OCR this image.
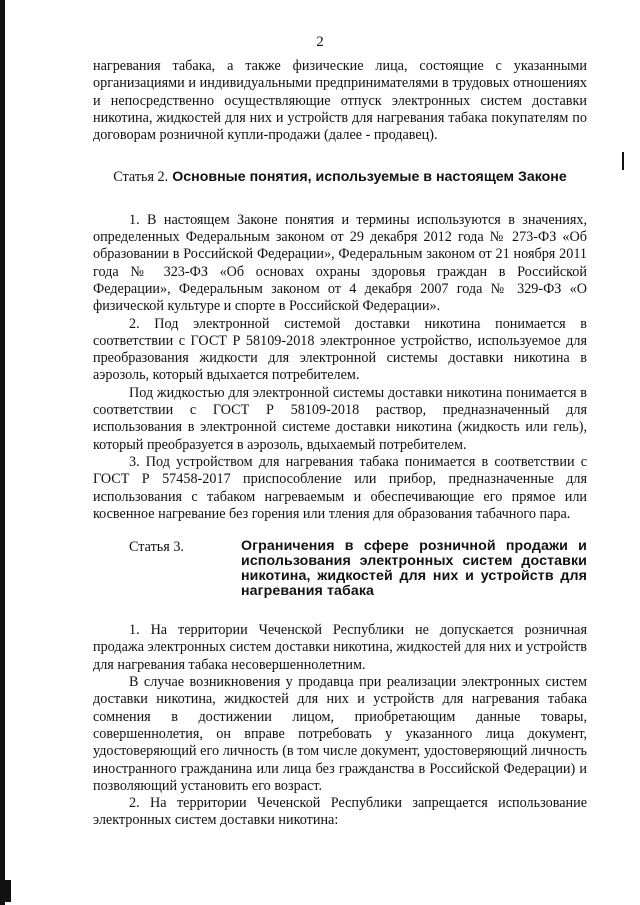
2

нагревания табака, а также физические лица, состоящие с указанными организациями и индивидуальными предпринимателями в трудовых отношениях и непосредственно осуществляющие отпуск электронных систем доставки никотина, жидкостей для них и устройств для нагревания табака покупателям по договорам розничной купли-продажи (далее - продавец).

Статья 2. Основные понятия, используемые в настоящем Законе

1. В настоящем Законе понятия и термины используются в значениях, определенных Федеральным законом от 29 декабря 2012 года № 273-ФЗ «Об образовании в Российской Федерации», Федеральным законом от 21 ноября 2011 года № 323-ФЗ «Об основах охраны здоровья граждан в Российской Федерации», Федеральным законом от 4 декабря 2007 года № 329-ФЗ «О физической культуре и спорте в Российской Федерации».

2. Под электронной системой доставки никотина понимается в соответствии с ГОСТ Р 58109-2018 электронное устройство, используемое для преобразования жидкости для электронной системы доставки никотина в аэрозоль, который вдыхается потребителем.

Под жидкостью для электронной системы доставки никотина понимается в соответствии с ГОСТ Р 58109-2018 раствор, предназначенный для использования в электронной системе доставки никотина (жидкость или гель), который преобразуется в аэрозоль, вдыхаемый потребителем.

3. Под устройством для нагревания табака понимается в соответствии с ГОСТ Р 57458-2017 приспособление или прибор, предназначенные для использования с табаком нагреваемым и обеспечивающие его прямое или косвенное нагревание без горения или тления для образования табачного пара.

Статья 3.	Ограничения в сфере розничной продажи и использования электронных систем доставки никотина, жидкостей для них и устройств для нагревания табака

1. На территории Чеченской Республики не допускается розничная продажа электронных систем доставки никотина, жидкостей для них и устройств для нагревания табака несовершеннолетним.

В случае возникновения у продавца при реализации электронных систем доставки никотина, жидкостей для них и устройств для нагревания табака сомнения в достижении лицом, приобретающим данные товары, совершеннолетия, он вправе потребовать у указанного лица документ, удостоверяющий его личность (в том числе документ, удостоверяющий личность иностранного гражданина или лица без гражданства в Российской Федерации) и позволяющий установить его возраст.

2. На территории Чеченской Республики запрещается использование электронных систем доставки никотина:
